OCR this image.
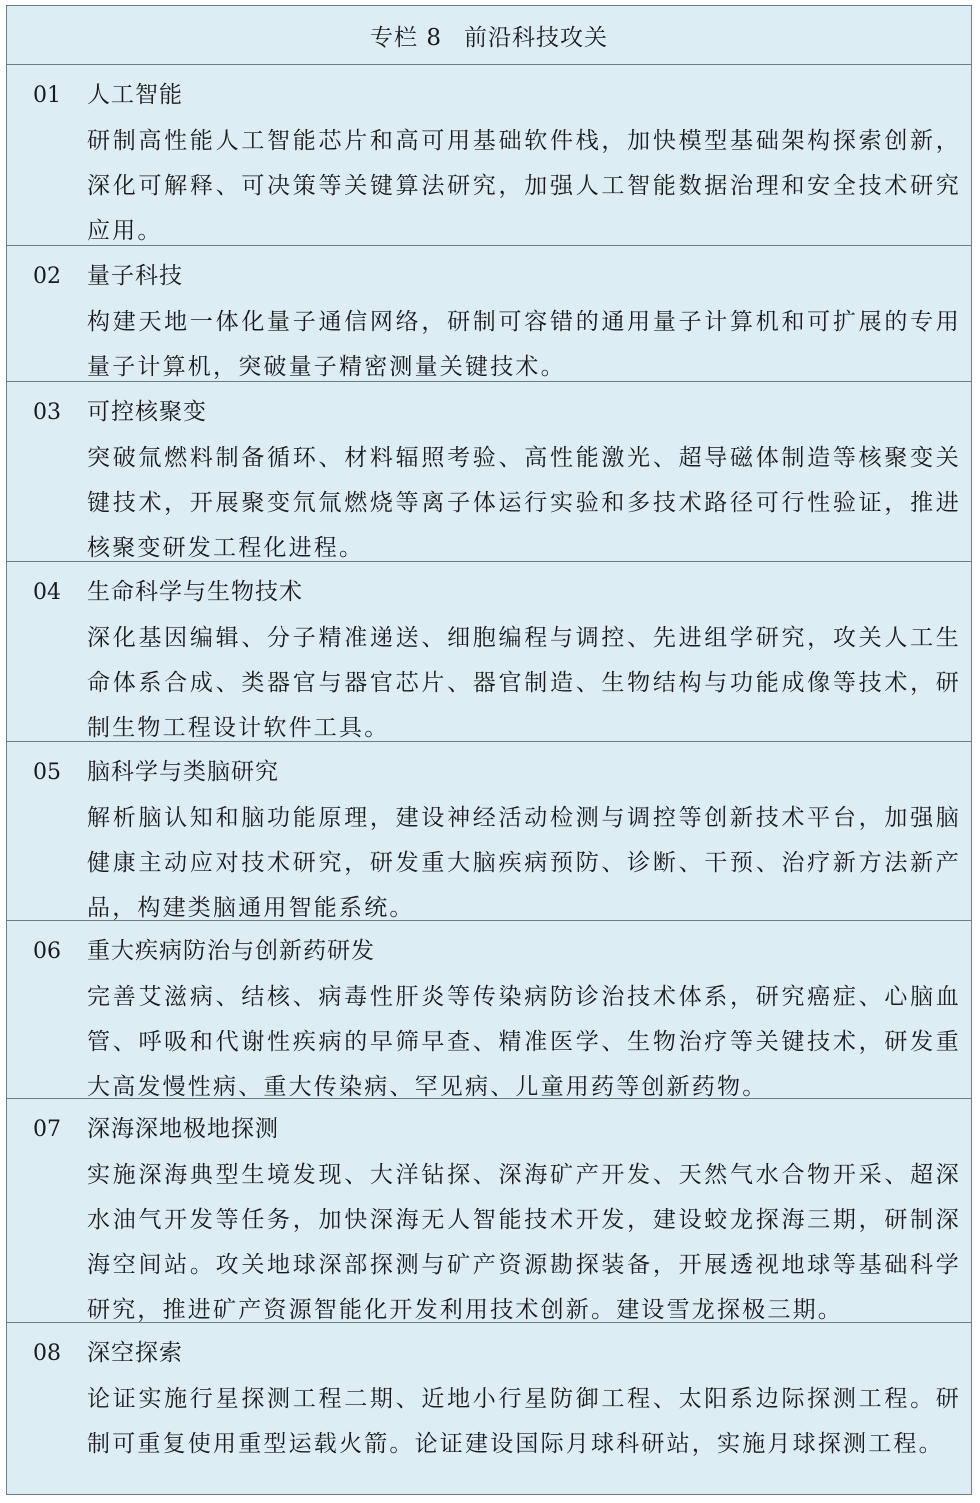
专栏 8 前沿科技攻关
01	人工智能
研制高性能人工智能芯片和高可用基础软件栈，加快模型基础架构探索创新，深化可解释、可决策等关键算法研究，加强人工智能数据治理和安全技术研究应用。
02	量子科技
构建天地一体化量子通信网络，研制可容错的通用量子计算机和可扩展的专用量子计算机，突破量子精密测量关键技术。
03	可控核聚变
突破氚燃料制备循环、材料辐照考验、高性能激光、超导磁体制造等核聚变关键技术，开展聚变氘氚燃烧等离子体运行实验和多技术路径可行性验证，推进核聚变研发工程化进程。
04	生命科学与生物技术
深化基因编辑、分子精准递送、细胞编程与调控、先进组学研究，攻关人工生命体系合成、类器官与器官芯片、器官制造、生物结构与功能成像等技术，研制生物工程设计软件工具。
05	脑科学与类脑研究
解析脑认知和脑功能原理，建设神经活动检测与调控等创新技术平台，加强脑健康主动应对技术研究，研发重大脑疾病预防、诊断、干预、治疗新方法新产品，构建类脑通用智能系统。
06	重大疾病防治与创新药研发
完善艾滋病、结核、病毒性肝炎等传染病防诊治技术体系，研究癌症、心脑血管、呼吸和代谢性疾病的早筛早查、精准医学、生物治疗等关键技术，研发重大高发慢性病、重大传染病、罕见病、儿童用药等创新药物。
07	深海深地极地探测
实施深海典型生境发现、大洋钻探、深海矿产开发、天然气水合物开采、超深水油气开发等任务，加快深海无人智能技术开发，建设蛟龙探海三期，研制深海空间站。攻关地球深部探测与矿产资源勘探装备，开展透视地球等基础科学研究，推进矿产资源智能化开发利用技术创新。建设雪龙探极三期。
08	深空探索
论证实施行星探测工程二期、近地小行星防御工程、太阳系边际探测工程。研制可重复使用重型运载火箭。论证建设国际月球科研站，实施月球探测工程。
